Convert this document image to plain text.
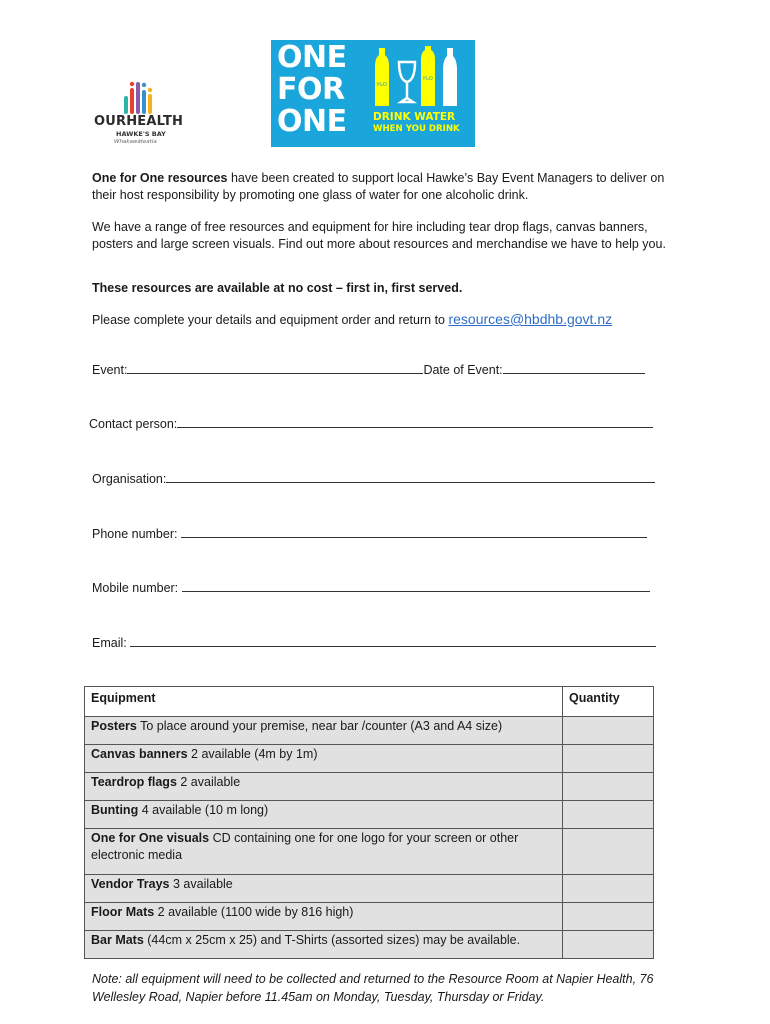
OURHEALTH
HAWKE'S BAY
Whakawāteatia
ONE
FOR
ONE
H₂O
H₂O
DRINK WATER
WHEN YOU DRINK
One for One resources have been created to support local Hawke’s Bay Event Managers to deliver on their host responsibility by promoting one glass of water for one alcoholic drink.
We have a range of free resources and equipment for hire including tear drop flags, canvas banners, posters and large screen visuals. Find out more about resources and merchandise we have to help you.
These resources are available at no cost – first in, first served.
Please complete your details and equipment order and return to resources@hbdhb.govt.nz
Event:	Date of Event:
Contact person:
Organisation:
Phone number:
Mobile number:
Email:
Equipment	Quantity

Posters To place around your premise, near bar /counter (A3 and A4 size)	

Canvas banners 2 available (4m by 1m)	

Teardrop flags 2 available	

Bunting 4 available (10 m long)	

One for One visuals CD containing one for one logo for your screen or other electronic media	

Vendor Trays 3 available	

Floor Mats 2 available (1100 wide by 816 high)	

Bar Mats (44cm x 25cm x 25) and T-Shirts (assorted sizes) may be available.	

Note: all equipment will need to be collected and returned to the Resource Room at Napier Health, 76 Wellesley Road, Napier before 11.45am on Monday, Tuesday, Thursday or Friday.
